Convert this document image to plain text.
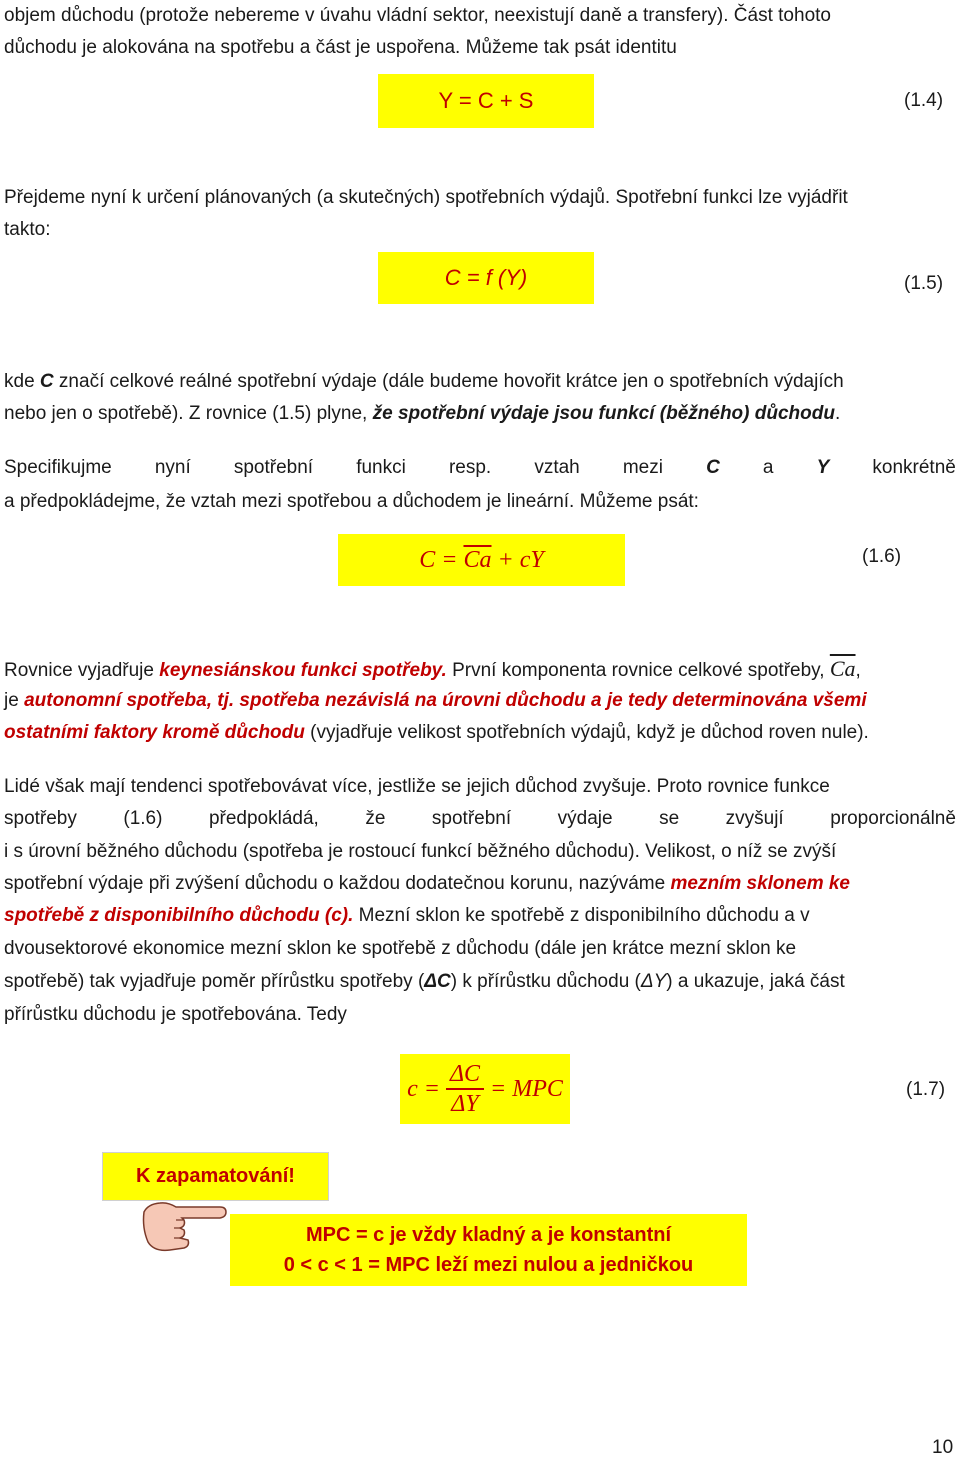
objem důchodu (protože nebereme v úvahu vládní sektor, neexistují daně a transfery). Část tohoto
důchodu je alokována na spotřebu a část je uspořena. Můžeme tak psát identitu
Y = C + S	(1.4)
Přejdeme nyní k určení plánovaných (a skutečných) spotřebních výdajů. Spotřební funkci lze vyjádřit
takto:
C = f (Y)	(1.5)
kde C značí celkové reálné spotřební výdaje (dále budeme hovořit krátce jen o spotřebních výdajích
nebo jen o spotřebě). Z rovnice (1.5) plyne, že spotřební výdaje jsou funkcí (běžného) důchodu.
Specifikujme nyní spotřební funkci resp. vztah mezi C a Y konkrétně
a předpokládejme, že vztah mezi spotřebou a důchodem je lineární. Můžeme psát:
$C = \overline{Ca}$ + cY	(1.6)
Rovnice vyjadřuje keynesiánskou funkci spotřeby. První komponenta rovnice celkové spotřeby, $\overline{Ca}$,
je autonomní spotřeba, tj. spotřeba nezávislá na úrovni důchodu a je tedy determinována všemi
ostatními faktory kromě důchodu (vyjadřuje velikost spotřebních výdajů, když je důchod roven nule).
Lidé však mají tendenci spotřebovávat více, jestliže se jejich důchod zvyšuje. Proto rovnice funkce
spotřeby (1.6) předpokládá, že spotřební výdaje se zvyšují proporcionálně
i s úrovní běžného důchodu (spotřeba je rostoucí funkcí běžného důchodu). Velikost, o níž se zvýší
spotřební výdaje při zvýšení důchodu o každou dodatečnou korunu, nazýváme mezním sklonem ke
spotřebě z disponibilního důchodu (c). Mezní sklon ke spotřebě z disponibilního důchodu a v
dvousektorové ekonomice mezní sklon ke spotřebě z důchodu (dále jen krátce mezní sklon ke
spotřebě) tak vyjadřuje poměr přírůstku spotřeby (ΔC) k přírůstku důchodu (ΔY) a ukazuje, jaká část
přírůstku důchodu je spotřebována. Tedy
$c = \frac{\Delta C}{\Delta Y}$ = MPC	(1.7)
K zapamatování!
MPC = c je vždy kladný a je konstantní
0 < c < 1 = MPC leží mezi nulou a jedničkou
10
